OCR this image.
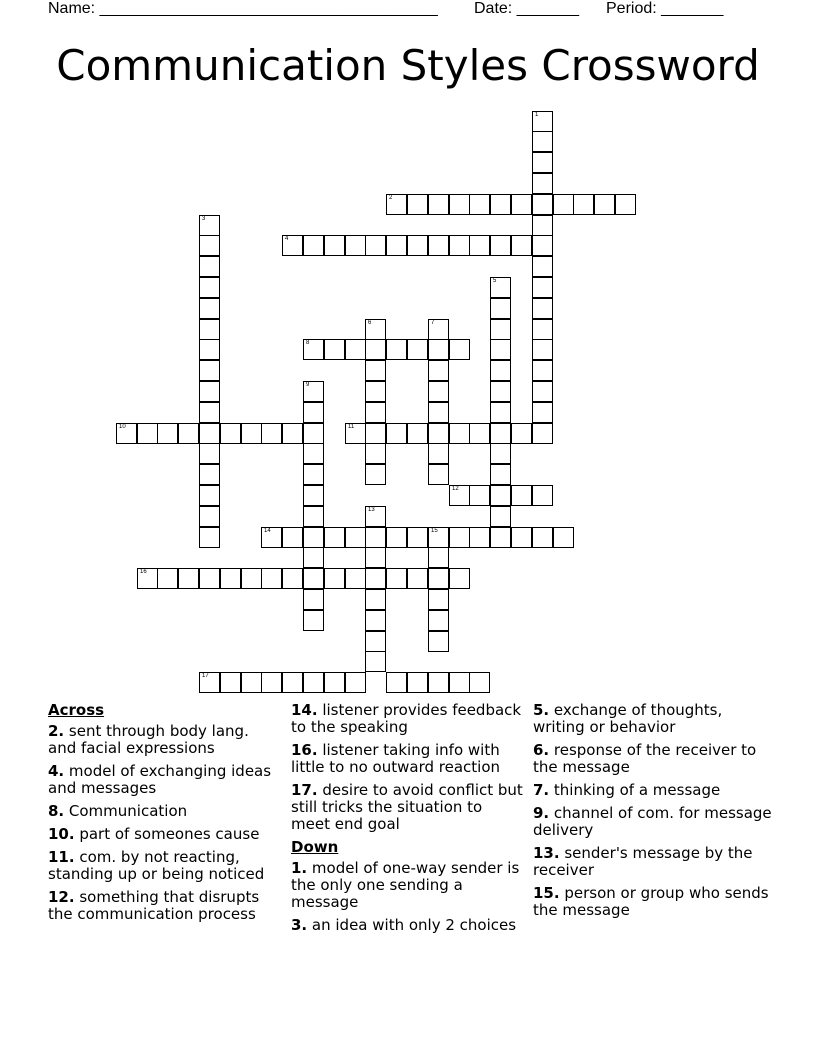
Name: ______________________________________ Date: _______ Period: _______
Communication Styles Crossword
1
2
3
4
5
6	7
8
9
10	11
12
13
14	15
16
17
Across
2. sent through body lang. and facial expressions
4. model of exchanging ideas and messages
8. Communication
10. part of someones cause
11. com. by not reacting, standing up or being noticed
12. something that disrupts the communication process
14. listener provides feedback to the speaking
16. listener taking info with little to no outward reaction
17. desire to avoid conflict but still tricks the situation to meet end goal
Down
1. model of one-way sender is the only one sending a message
3. an idea with only 2 choices
5. exchange of thoughts, writing or behavior
6. response of the receiver to the message
7. thinking of a message
9. channel of com. for message delivery
13. sender's message by the receiver
15. person or group who sends the message
